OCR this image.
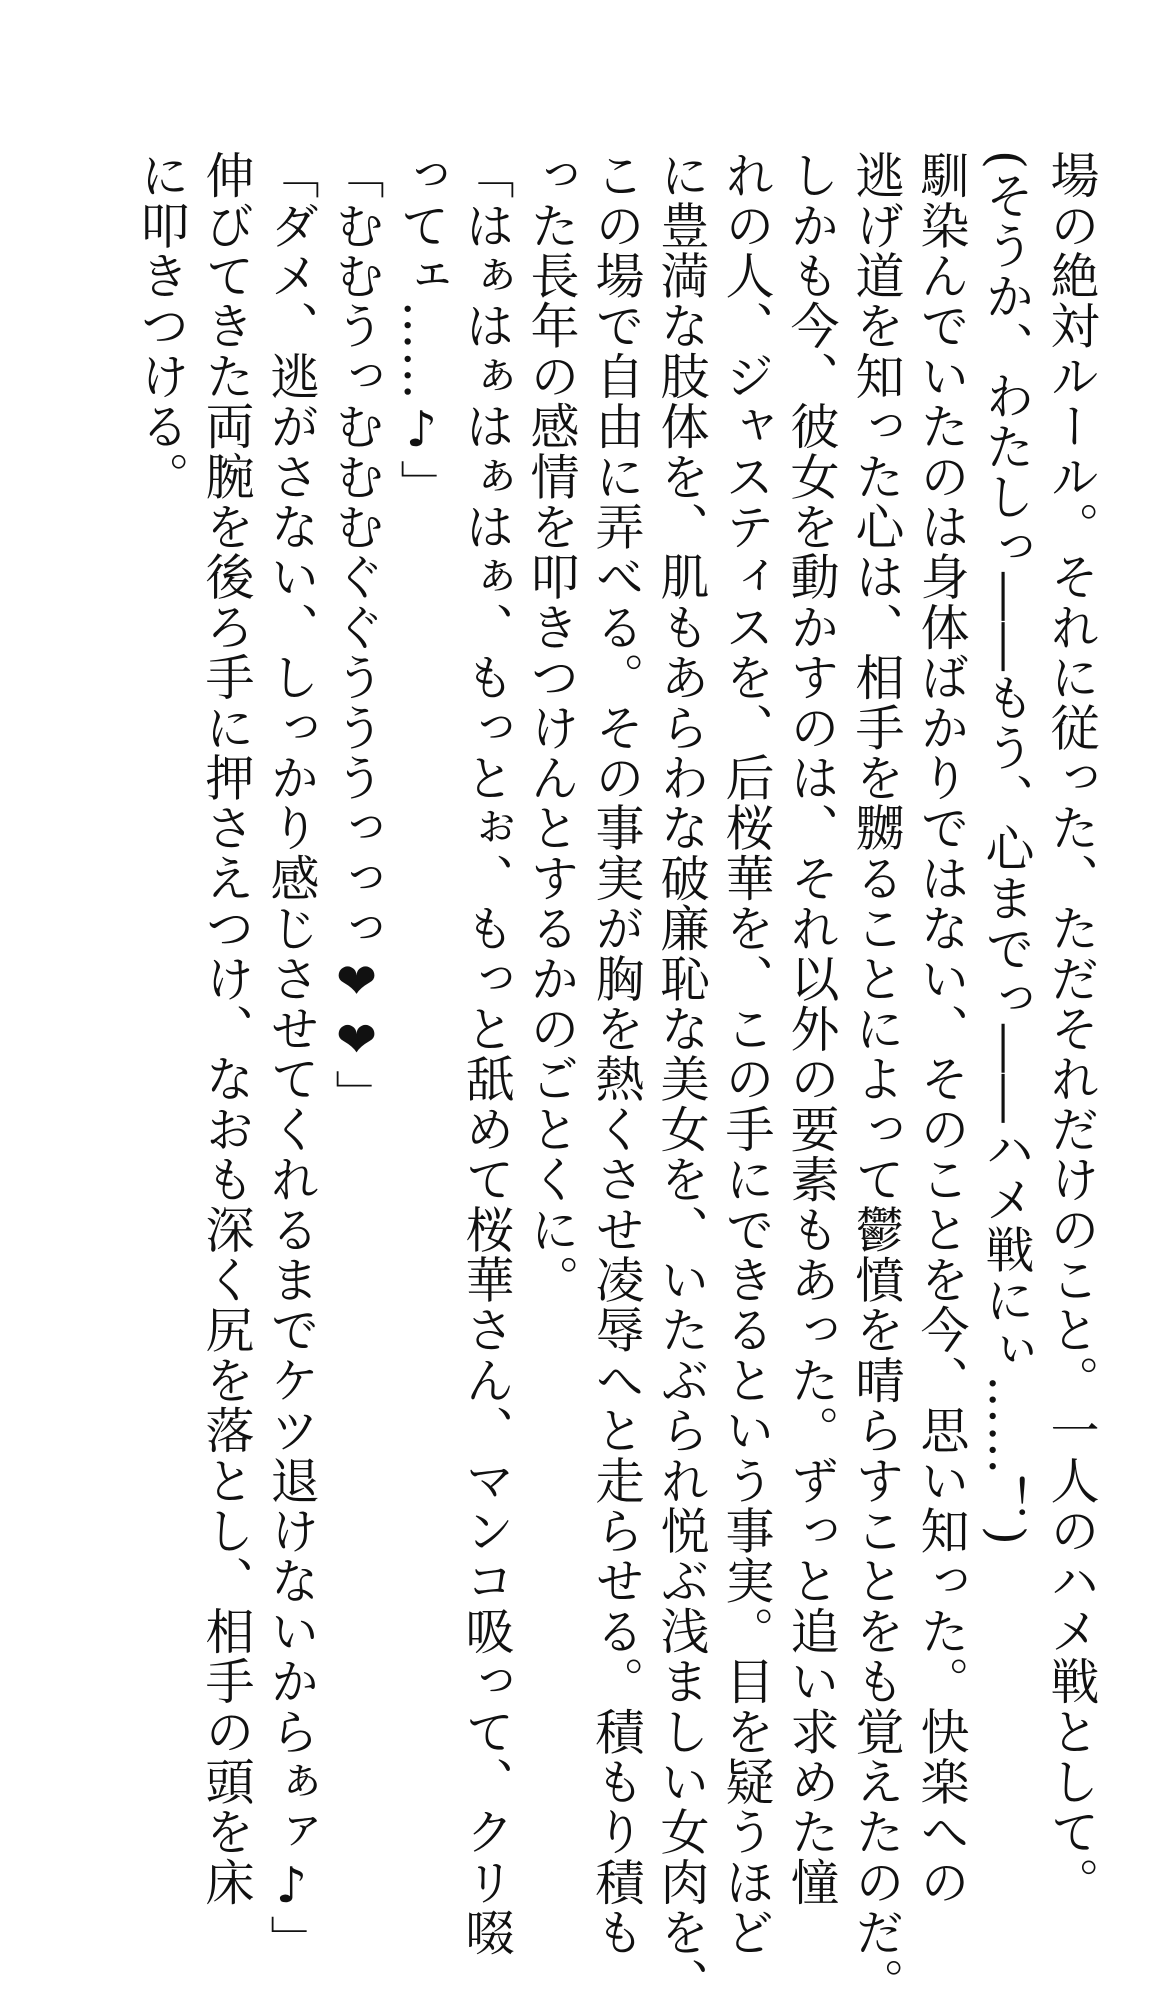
場の絶対ルール。それに従った、ただそれだけのこと。一人のハメ戦として。
(そうか、わたしっ――もう、心までっ――ハメ戦にぃ……！)
馴染んでいたのは身体ばかりではない、そのことを今、思い知った。快楽への
逃げ道を知った心は、相手を嬲ることによって鬱憤を晴らすことをも覚えたのだ。
しかも今、彼女を動かすのは、それ以外の要素もあった。ずっと追い求めた憧
れの人、ジャスティスを、后桜華を、この手にできるという事実。目を疑うほど
に豊満な肢体を、肌もあらわな破廉恥な美女を、いたぶられ悦ぶ浅ましい女肉を、
この場で自由に弄べる。その事実が胸を熱くさせ凌辱へと走らせる。積もり積も
った長年の感情を叩きつけんとするかのごとくに。
「はぁはぁはぁはぁ、もっとぉ、もっと舐めて桜華さん、マンコ吸って、クリ啜
ってェ……♪」
「むむうっむむむぐぐうううっっっ❤❤」
「ダメ、逃がさない、しっかり感じさせてくれるまでケツ退けないからぁァ♪」
伸びてきた両腕を後ろ手に押さえつけ、なおも深く尻を落とし、相手の頭を床
に叩きつける。
